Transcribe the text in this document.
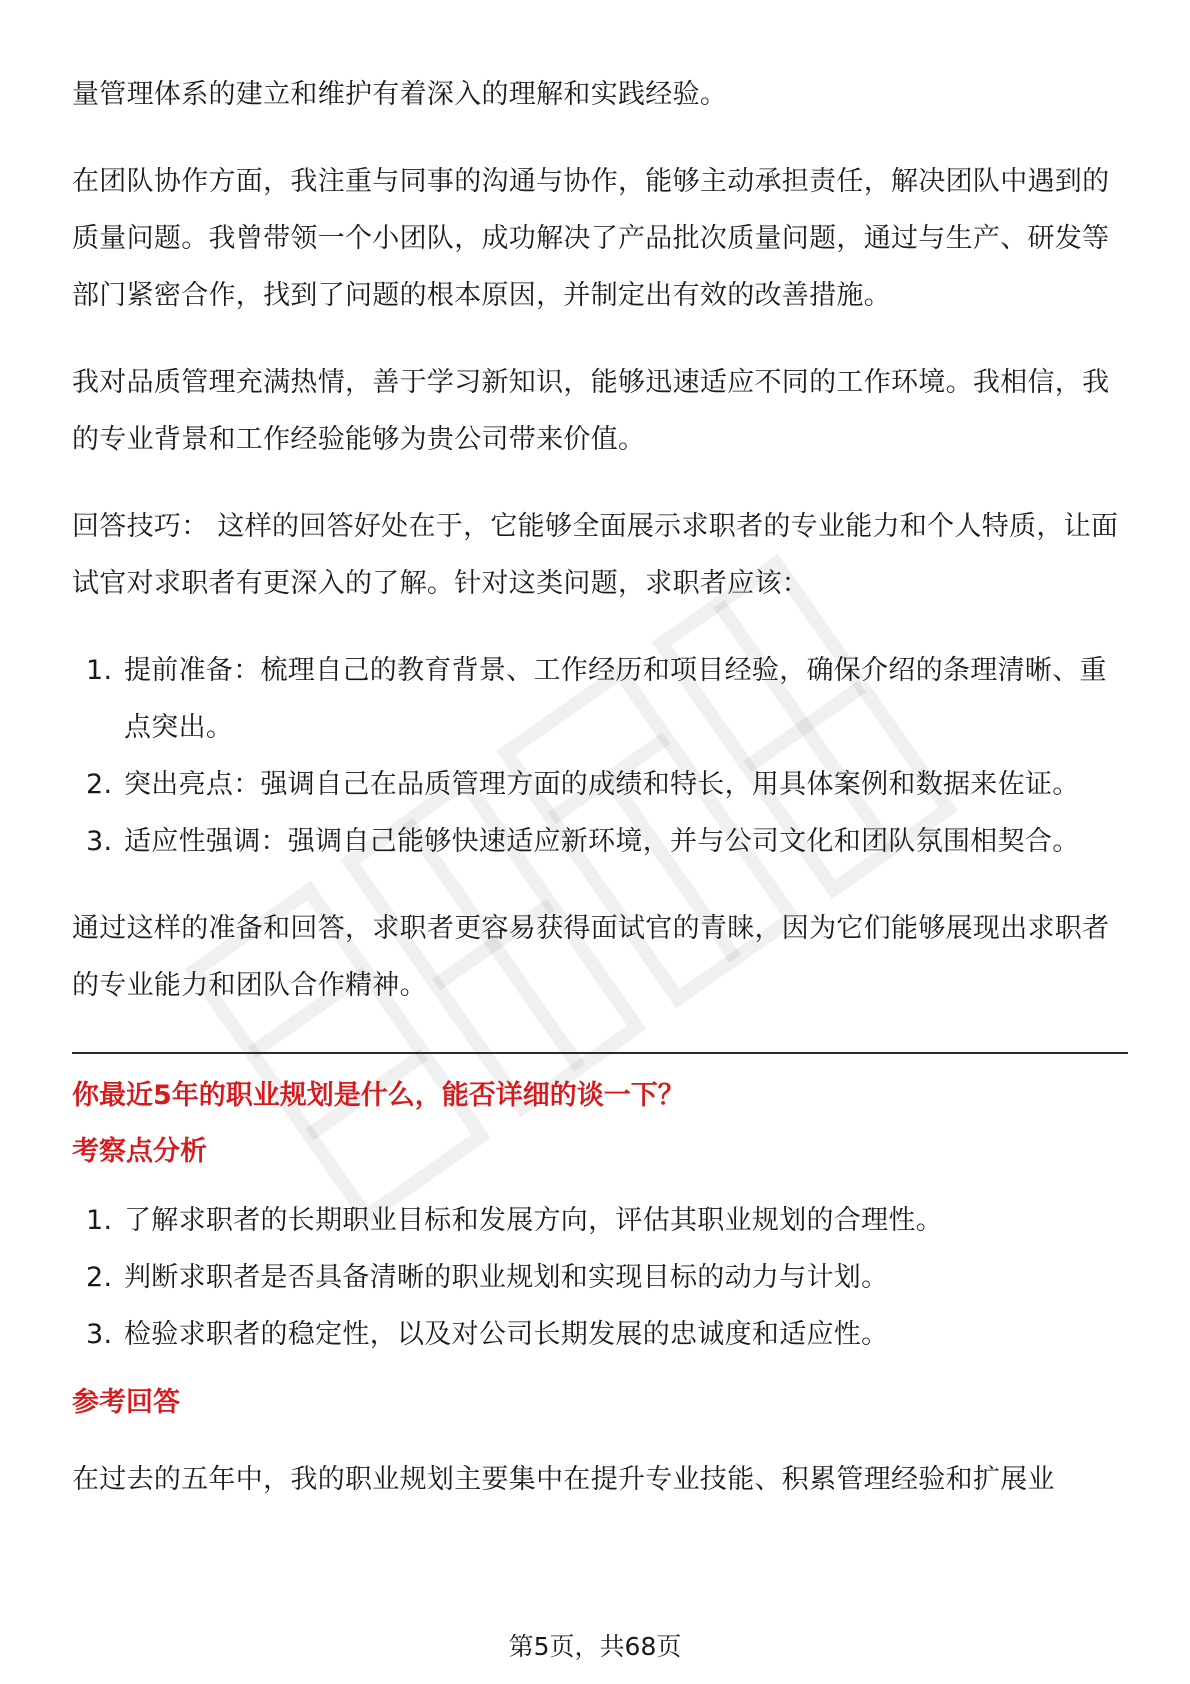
量管理体系的建立和维护有着深入的理解和实践经验。

在团队协作方面，我注重与同事的沟通与协作，能够主动承担责任，解决团队中遇到的质量问题。我曾带领一个小团队，成功解决了产品批次质量问题，通过与生产、研发等部门紧密合作，找到了问题的根本原因，并制定出有效的改善措施。

我对品质管理充满热情，善于学习新知识，能够迅速适应不同的工作环境。我相信，我的专业背景和工作经验能够为贵公司带来价值。

回答技巧： 这样的回答好处在于，它能够全面展示求职者的专业能力和个人特质，让面试官对求职者有更深入的了解。针对这类问题，求职者应该：

1. 提前准备：梳理自己的教育背景、工作经历和项目经验，确保介绍的条理清晰、重点突出。
2. 突出亮点：强调自己在品质管理方面的成绩和特长，用具体案例和数据来佐证。
3. 适应性强调：强调自己能够快速适应新环境，并与公司文化和团队氛围相契合。

通过这样的准备和回答，求职者更容易获得面试官的青睐，因为它们能够展现出求职者的专业能力和团队合作精神。

你最近5年的职业规划是什么，能否详细的谈一下？
考察点分析
1. 了解求职者的长期职业目标和发展方向，评估其职业规划的合理性。
2. 判断求职者是否具备清晰的职业规划和实现目标的动力与计划。
3. 检验求职者的稳定性，以及对公司长期发展的忠诚度和适应性。
参考回答
在过去的五年中，我的职业规划主要集中在提升专业技能、积累管理经验和扩展业
第5页，共68页
